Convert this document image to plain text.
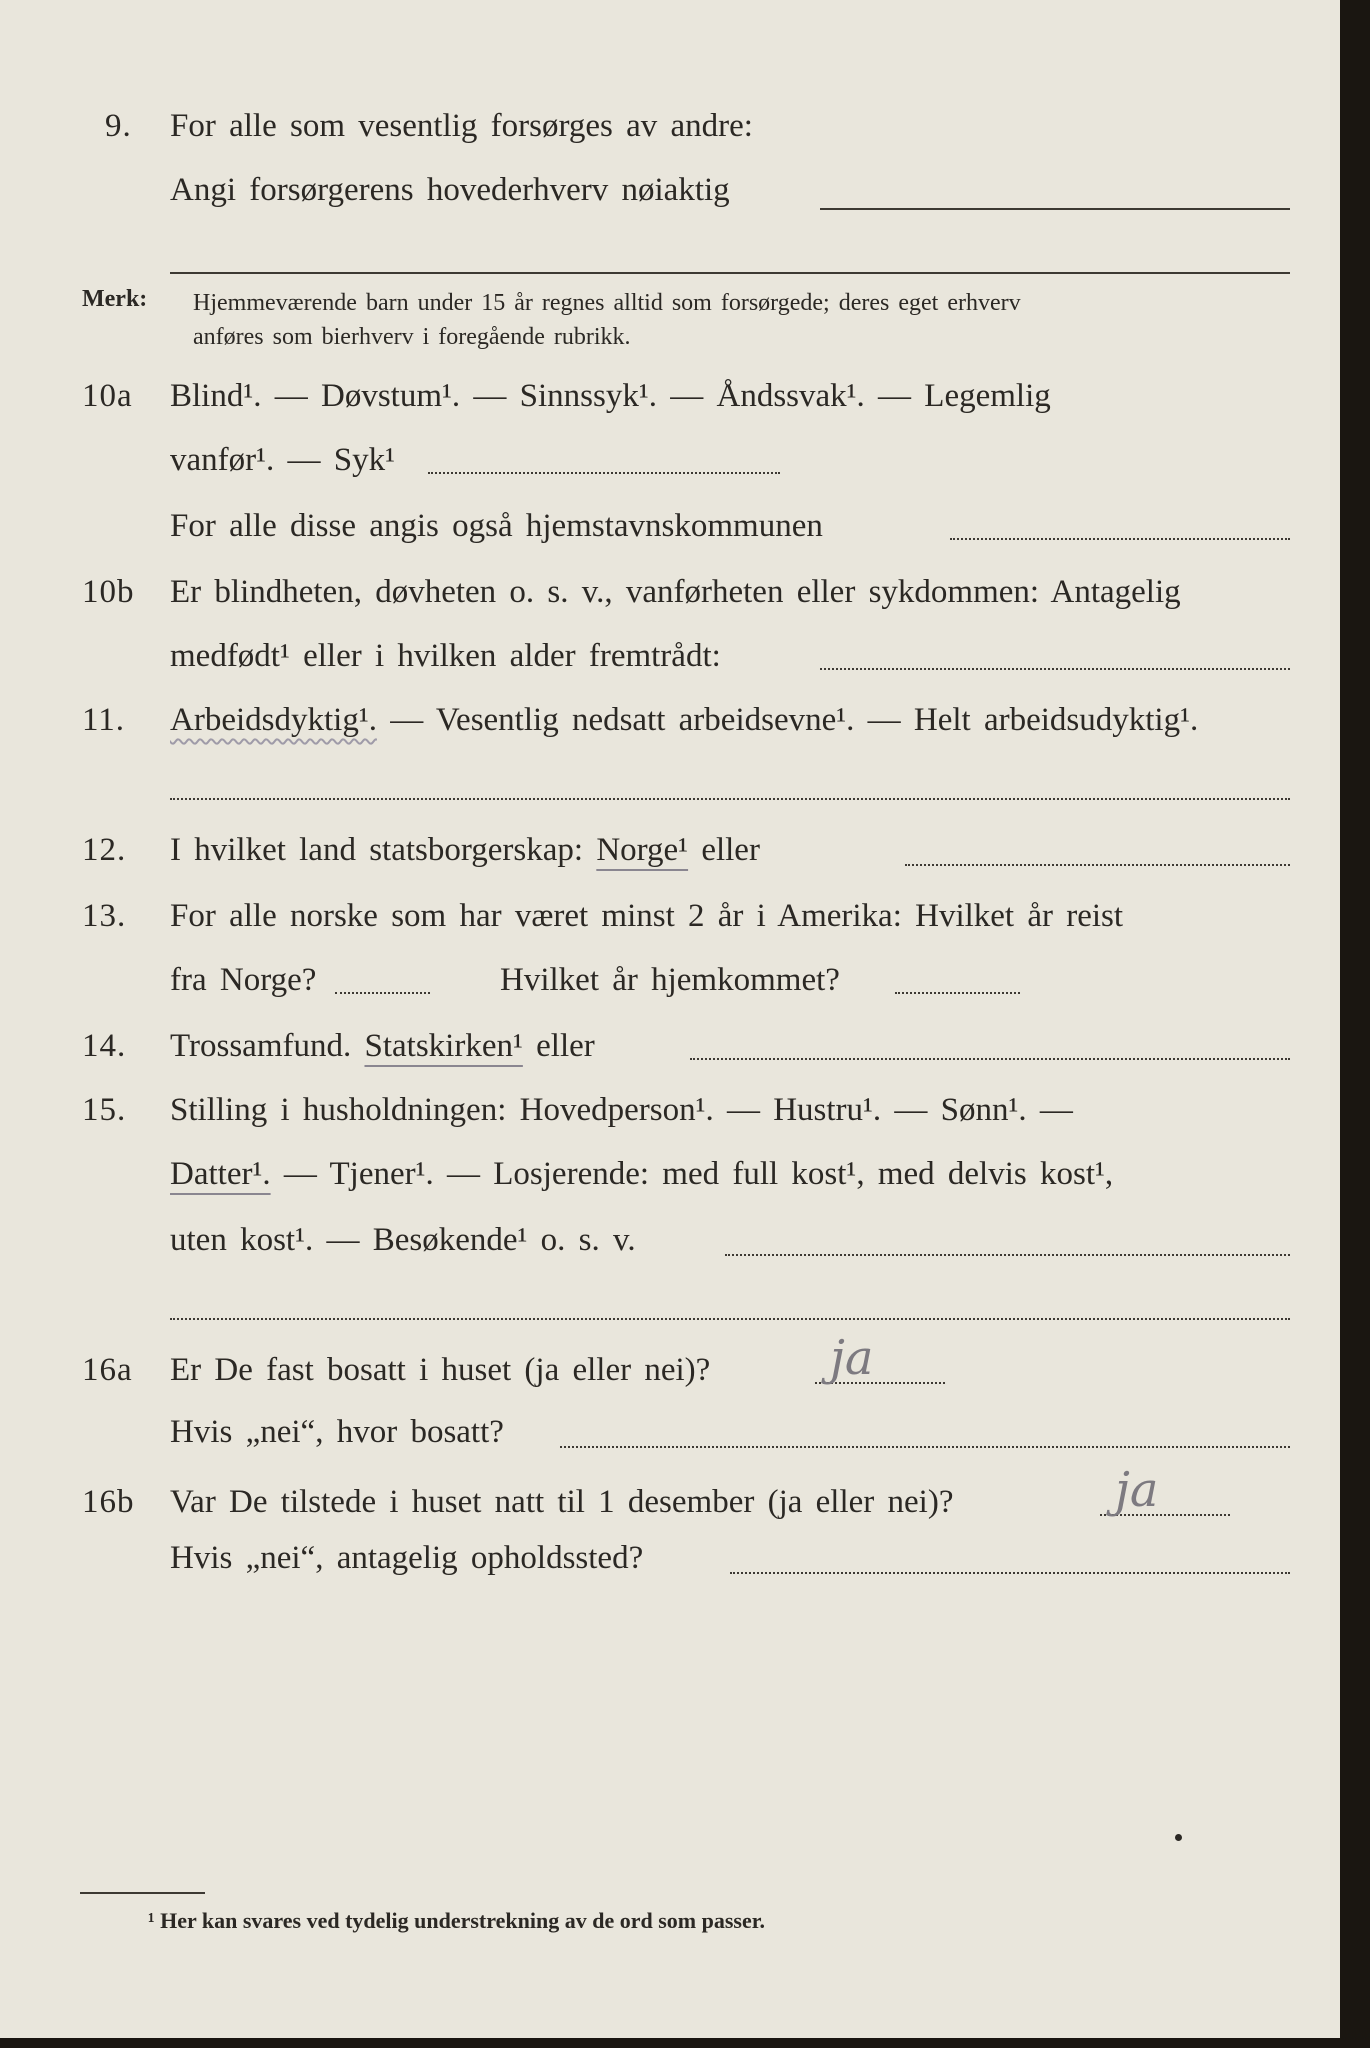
9. For alle som vesentlig forsørges av andre:
Angi forsørgerens hovederhverv nøiaktig
Merk: Hjemmeværende barn under 15 år regnes alltid som forsørgede; deres eget erhverv
anføres som bierhverv i foregående rubrikk.
10a Blind¹. — Døvstum¹. — Sinnssyk¹. — Åndssvak¹. — Legemlig
vanfør¹. — Syk¹
For alle disse angis også hjemstavnskommunen
10b Er blindheten, døvheten o. s. v., vanførheten eller sykdommen: Antagelig
medfødt¹ eller i hvilken alder fremtrådt:
11. Arbeidsdyktig¹. — Vesentlig nedsatt arbeidsevne¹. — Helt arbeidsudyktig¹.
12. I hvilket land statsborgerskap: Norge¹ eller
13. For alle norske som har været minst 2 år i Amerika: Hvilket år reist
fra Norge?	Hvilket år hjemkommet?
14. Trossamfund. Statskirken¹ eller
15. Stilling i husholdningen: Hovedperson¹. — Hustru¹. — Sønn¹. —
Datter¹. — Tjener¹. — Losjerende: med full kost¹, med delvis kost¹,
uten kost¹. — Besøkende¹ o. s. v.
16a Er De fast bosatt i huset (ja eller nei)? ja
Hvis „nei“, hvor bosatt?
16b Var De tilstede i huset natt til 1 desember (ja eller nei)?	ja
Hvis „nei“, antagelig opholdssted?
¹ Her kan svares ved tydelig understrekning av de ord som passer.
